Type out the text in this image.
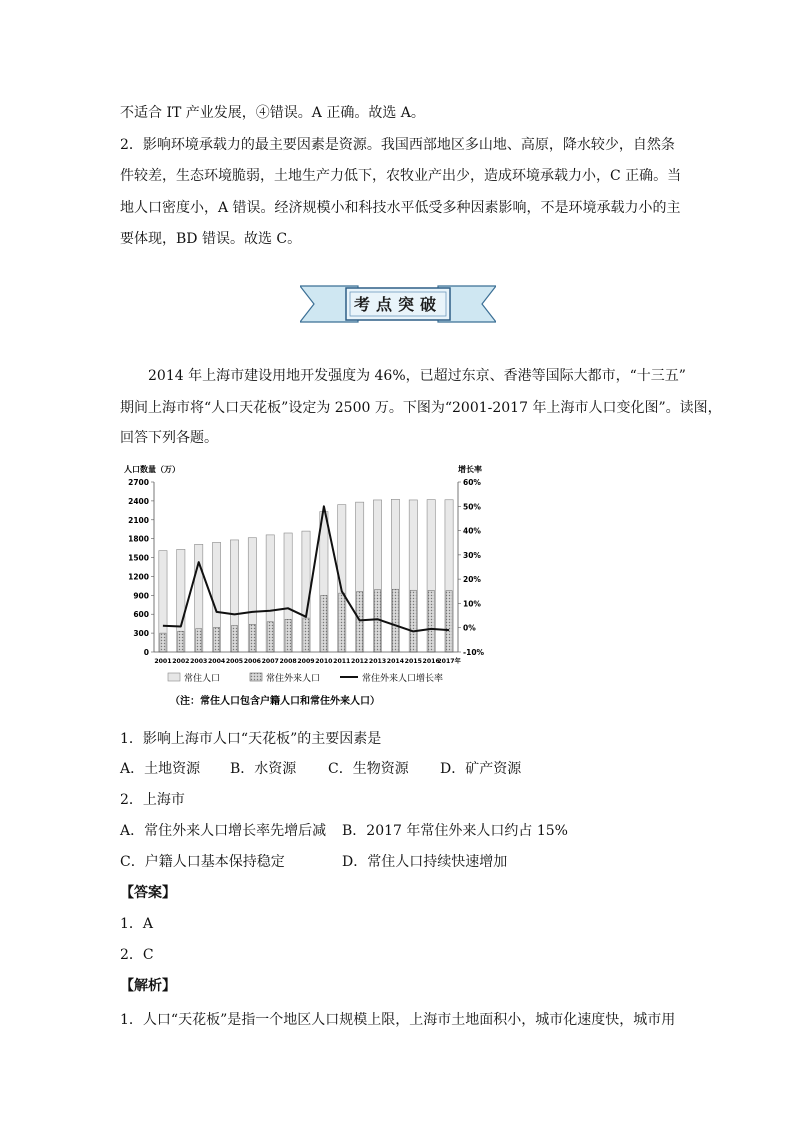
不适合 IT 产业发展，④错误。A 正确。故选 A。

2．影响环境承载力的最主要因素是资源。我国西部地区多山地、高原，降水较少，自然条

件较差，生态环境脆弱，土地生产力低下，农牧业产出少，造成环境承载力小，C 正确。当

地人口密度小，A 错误。经济规模小和科技水平低受多种因素影响，不是环境承载力小的主

要体现，BD 错误。故选 C。

考点突破

2014 年上海市建设用地开发强度为 46%，已超过东京、香港等国际大都市，“十三五”

期间上海市将“人口天花板”设定为 2500 万。下图为“2001-2017 年上海市人口变化图”。读图，

回答下列各题。

人口数量（万）	增长率
0
300
600
900
1200
1500
1800
2100
2400
2700
-10%
0%
10%
20%
30%
40%
50%
60%
2001 2002 2003 2004 2005 2006 2007 2008 2009 2010 2011 2012 2013 2014 2015 2016
2017年
常住人口	常住外来人口	常住外来人口增长率
（注：常住人口包含户籍人口和常住外来人口）

1．影响上海市人口“天花板”的主要因素是

A．土地资源 B．水资源 C．生物资源 D．矿产资源

2．上海市

A．常住外来人口增长率先增后减 B．2017 年常住外来人口约占 15%
C．户籍人口基本保持稳定	D．常住人口持续快速增加

【答案】

1．A

2．C

【解析】

1．人口“天花板”是指一个地区人口规模上限，上海市土地面积小，城市化速度快，城市用
